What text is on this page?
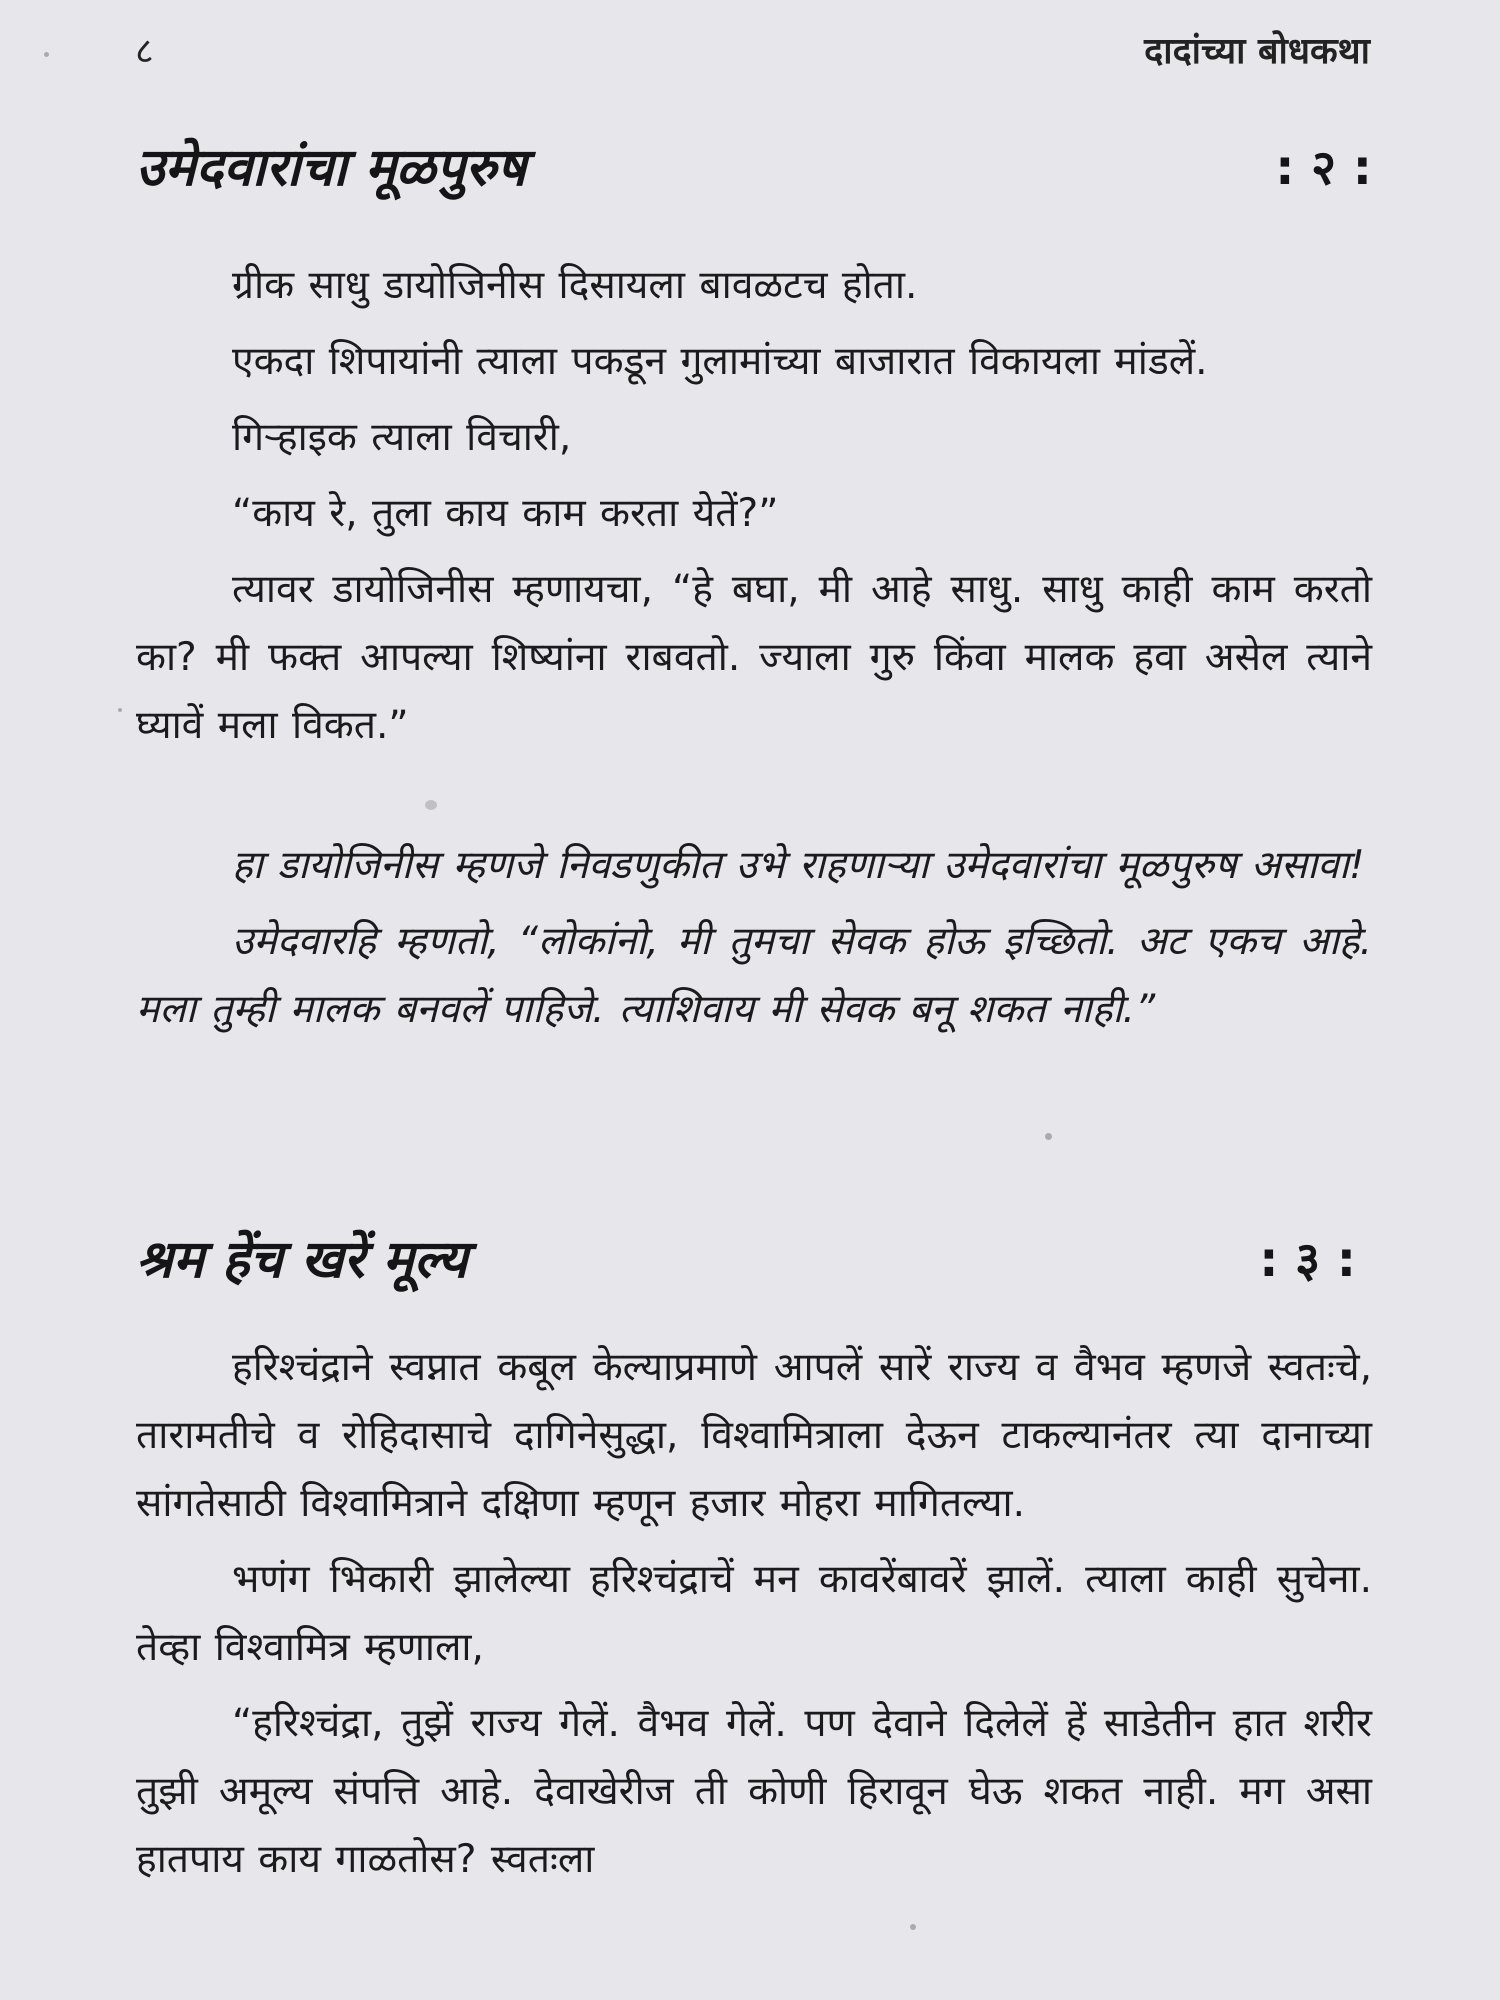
८	दादांच्या बोधकथा
उमेदवारांचा मूळपुरुष	: २ :

ग्रीक साधु डायोजिनीस दिसायला बावळटच होता.

एकदा शिपायांनी त्याला पकडून गुलामांच्या बाजारात विकायला मांडलें.

गिऱ्हाइक त्याला विचारी,

“काय रे, तुला काय काम करता येतें?”

त्यावर डायोजिनीस म्हणायचा, “हे बघा, मी आहे साधु. साधु काही काम करतो का? मी फक्त आपल्या शिष्यांना राबवतो. ज्याला गुरु किंवा मालक हवा असेल त्याने घ्यावें मला विकत.”

हा डायोजिनीस म्हणजे निवडणुकीत उभे राहणाऱ्या उमेदवारांचा मूळपुरुष असावा!

उमेदवारहि म्हणतो, “लोकांनो, मी तुमचा सेवक होऊ इच्छितो. अट एकच आहे. मला तुम्ही मालक बनवलें पाहिजे. त्याशिवाय मी सेवक बनू शकत नाही.”

श्रम हेंच खरें मूल्य	: ३ :

हरिश्चंद्राने स्वप्नात कबूल केल्याप्रमाणे आपलें सारें राज्य व वैभव म्हणजे स्वतःचे, तारामतीचे व रोहिदासाचे दागिनेसुद्धा, विश्वामित्राला देऊन टाकल्यानंतर त्या दानाच्या सांगतेसाठी विश्वामित्राने दक्षिणा म्हणून हजार मोहरा मागितल्या.

भणंग भिकारी झालेल्या हरिश्चंद्राचें मन कावरेंबावरें झालें. त्याला काही सुचेना. तेव्हा विश्वामित्र म्हणाला,

“हरिश्चंद्रा, तुझें राज्य गेलें. वैभव गेलें. पण देवाने दिलेलें हें साडेतीन हात शरीर तुझी अमूल्य संपत्ति आहे. देवाखेरीज ती कोणी हिरावून घेऊ शकत नाही. मग असा हातपाय काय गाळतोस? स्वतःला
